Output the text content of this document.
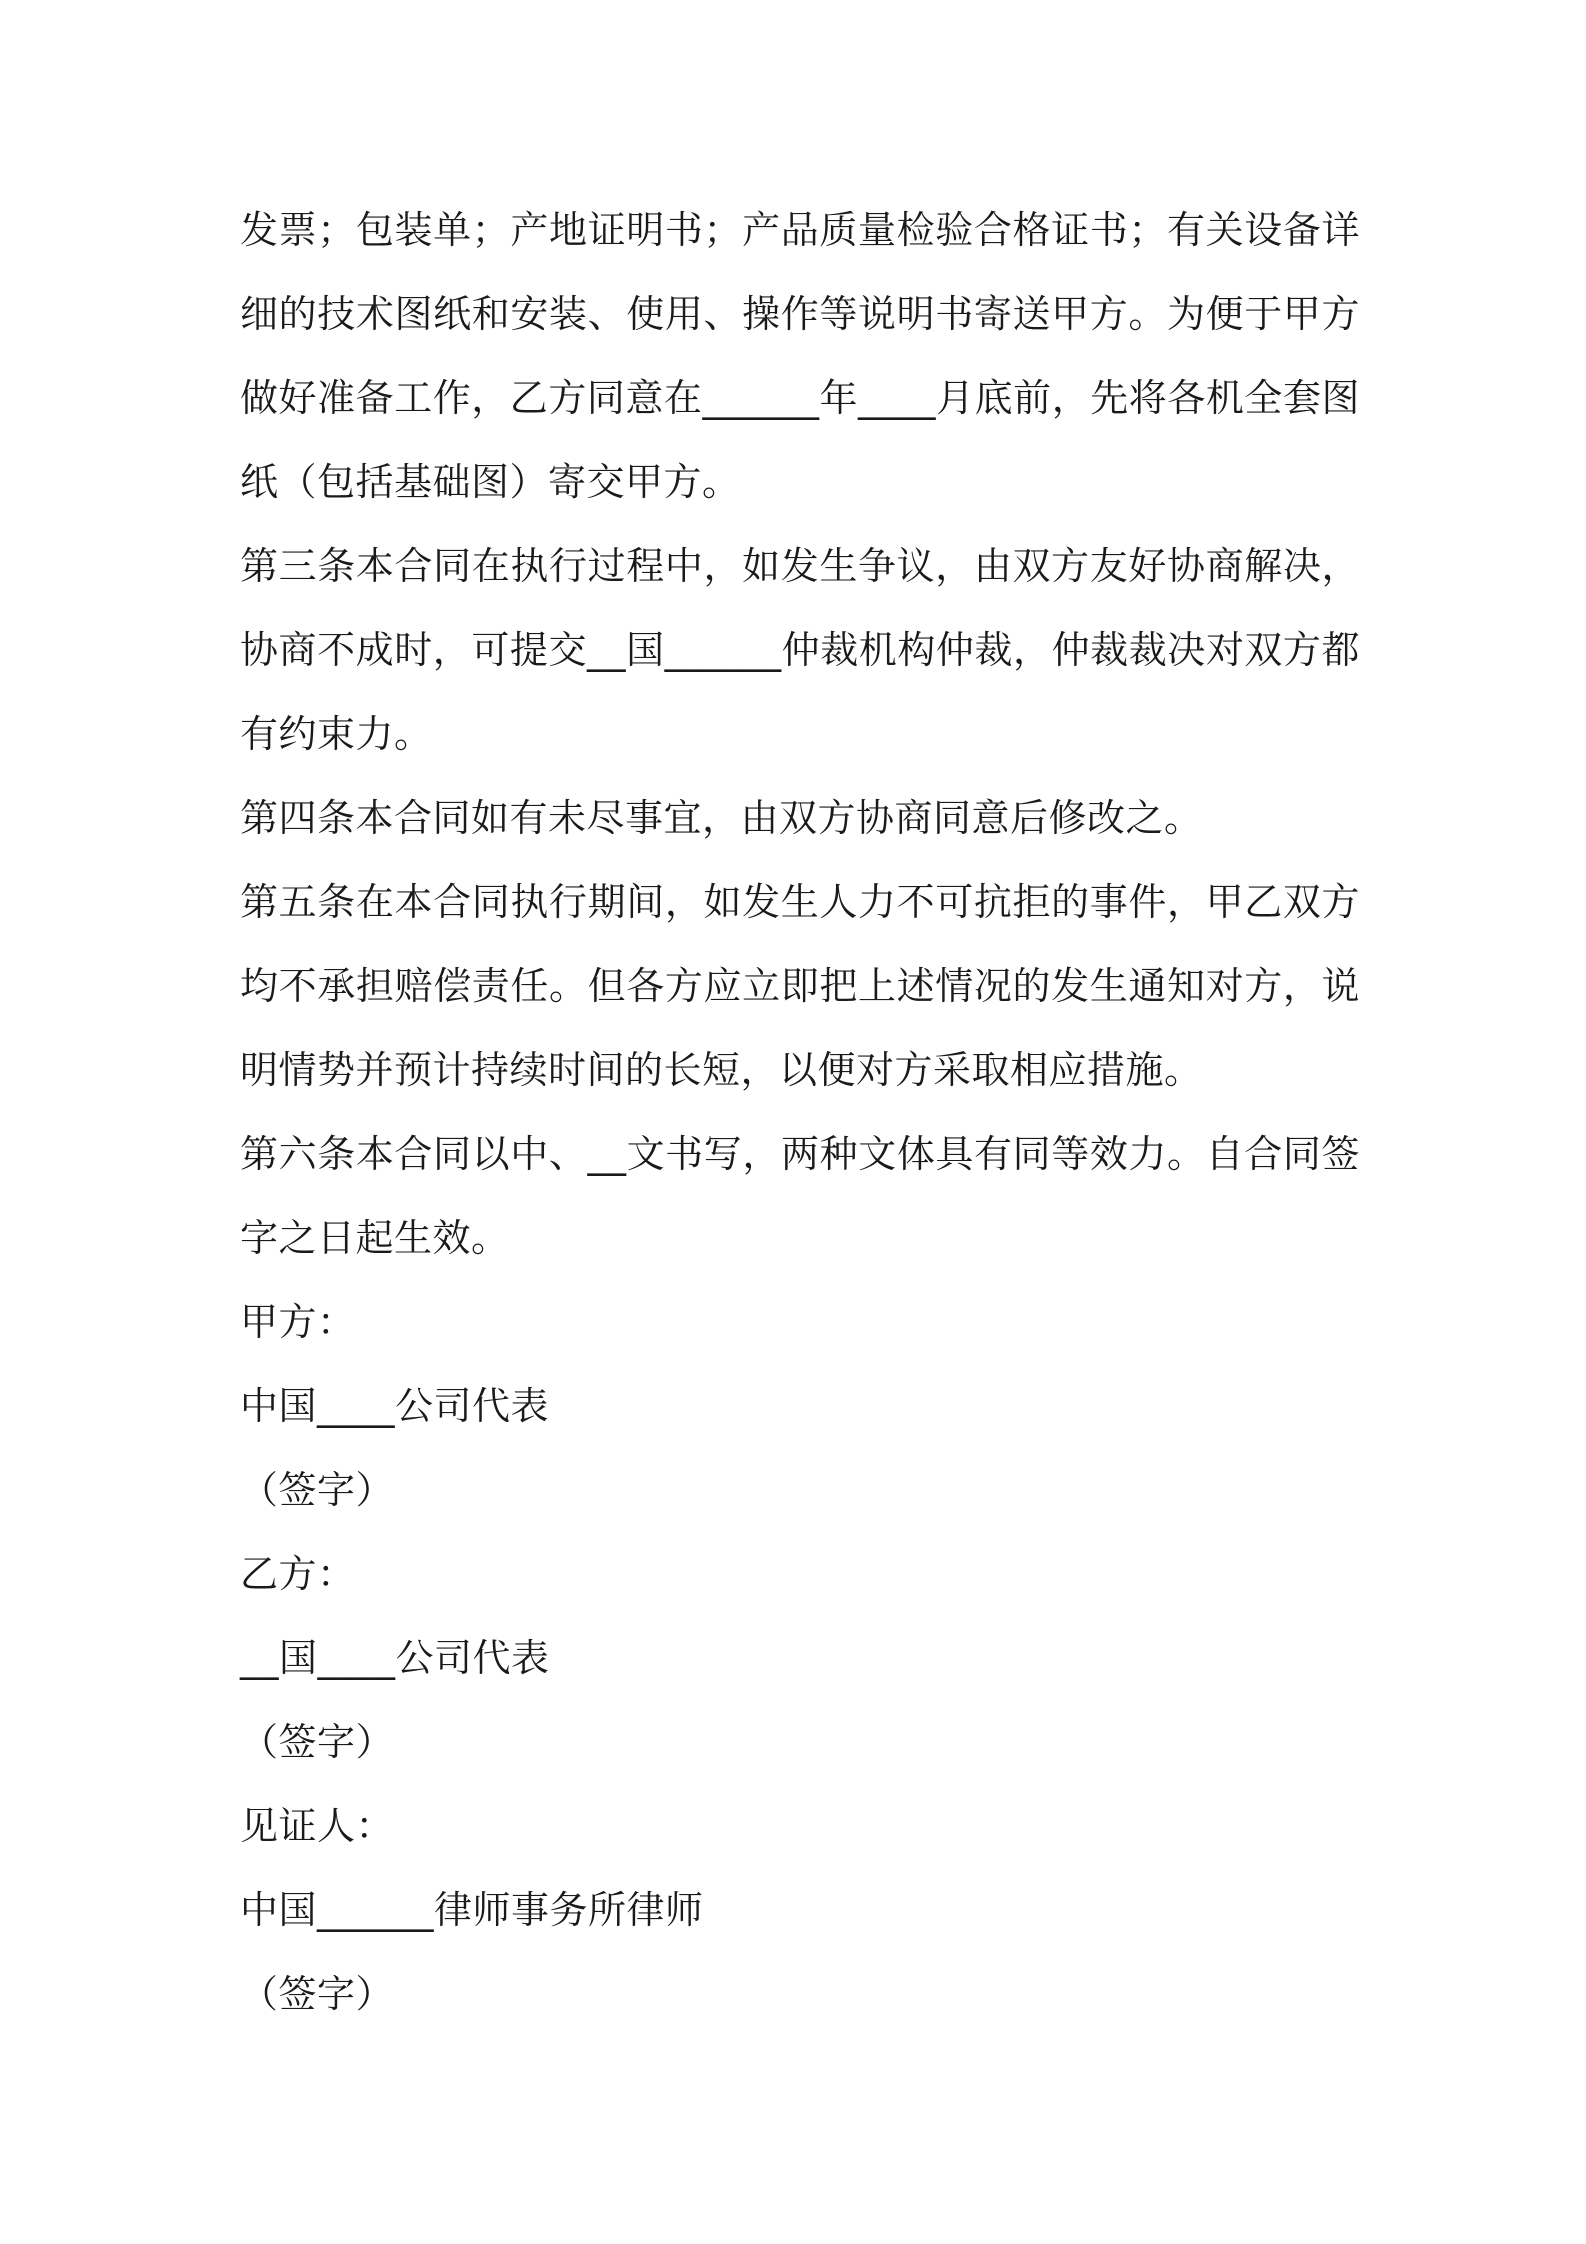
发票；包装单；产地证明书；产品质量检验合格证书；有关设备详细的技术图纸和安装、使用、操作等说明书寄送甲方。为便于甲方做好准备工作，乙方同意在______年____月底前，先将各机全套图纸（包括基础图）寄交甲方。

第三条本合同在执行过程中，如发生争议，由双方友好协商解决，协商不成时，可提交__国______仲裁机构仲裁，仲裁裁决对双方都有约束力。

第四条本合同如有未尽事宜，由双方协商同意后修改之。

第五条在本合同执行期间，如发生人力不可抗拒的事件，甲乙双方均不承担赔偿责任。但各方应立即把上述情况的发生通知对方，说明情势并预计持续时间的长短，以便对方采取相应措施。

第六条本合同以中、__文书写，两种文体具有同等效力。自合同签字之日起生效。

甲方：

中国____公司代表

（签字）

乙方：

__国____公司代表

（签字）

见证人：

中国______律师事务所律师

（签字）
